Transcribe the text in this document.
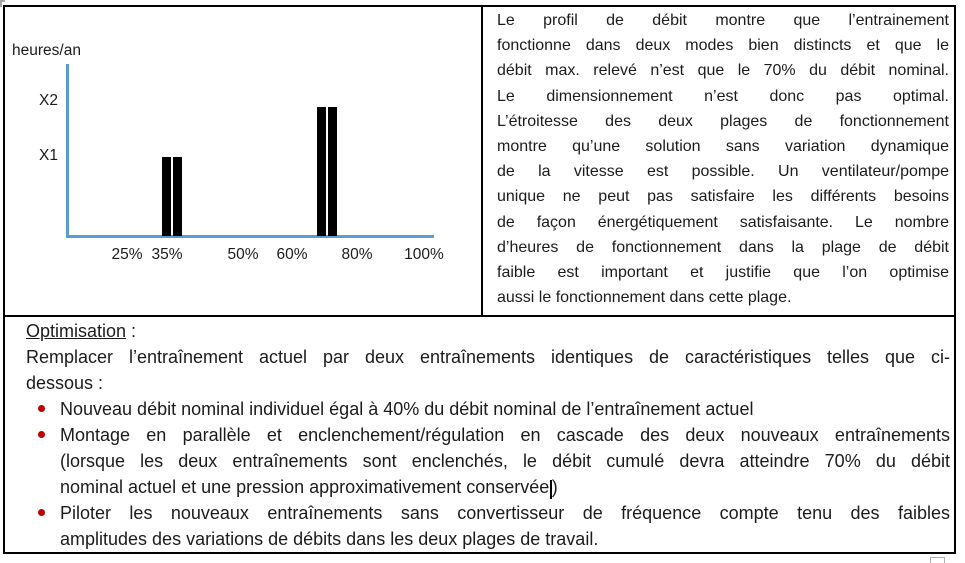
heures/an
25% 35%	50% 60% 80% 100%
X2
X1
Le profil de débit montre que l’entrainement
fonctionne dans deux modes bien distincts et que le
débit max. relevé n’est que le 70% du débit nominal.
Le dimensionnement n’est donc pas optimal.
L’étroitesse des deux plages de fonctionnement
montre qu’une solution sans variation dynamique
de la vitesse est possible. Un ventilateur/pompe
unique ne peut pas satisfaire les différents besoins
de façon énergétiquement satisfaisante. Le nombre
d’heures de fonctionnement dans la plage de débit
faible est important et justifie que l’on optimise
aussi le fonctionnement dans cette plage.
Optimisation :
Remplacer l’entraînement actuel par deux entraînements identiques de caractéristiques telles que ci-
dessous :
Nouveau débit nominal individuel égal à 40% du débit nominal de l’entraînement actuel
Montage en parallèle et enclenchement/régulation en cascade des deux nouveaux entraînements
(lorsque les deux entraînements sont enclenchés, le débit cumulé devra atteindre 70% du débit
nominal actuel et une pression approximativement conservée )
Piloter les nouveaux entraînements sans convertisseur de fréquence compte tenu des faibles
amplitudes des variations de débits dans les deux plages de travail.
